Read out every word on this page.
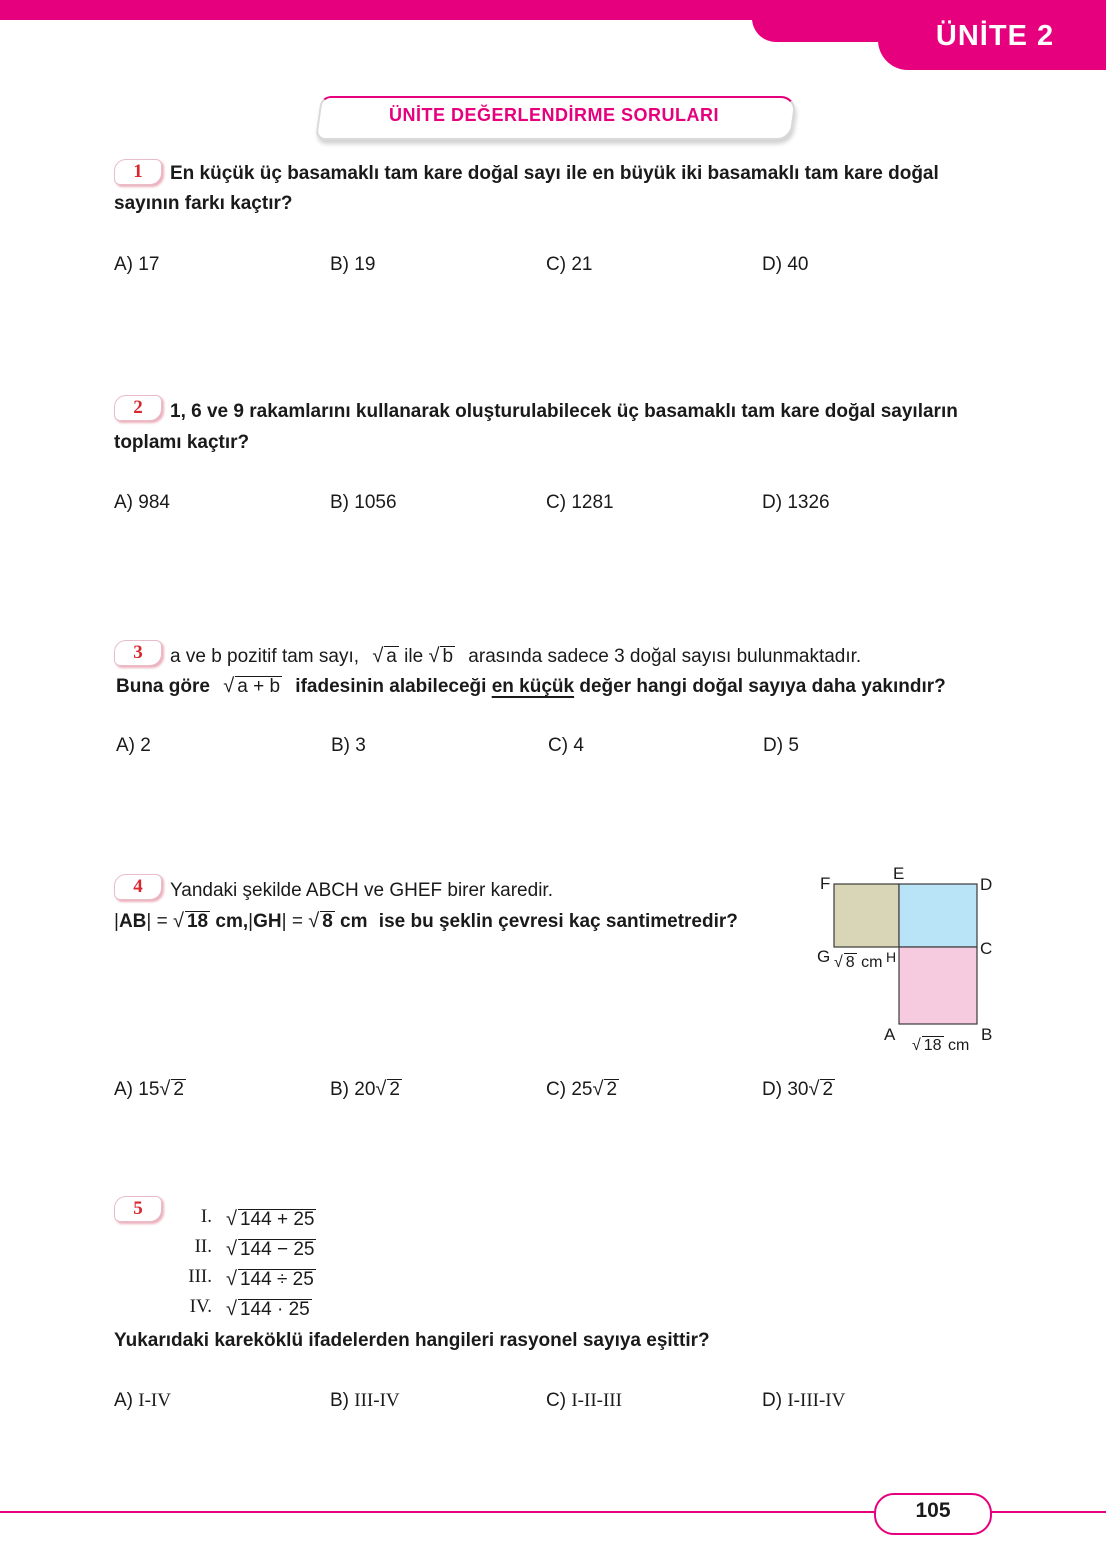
ÜNİTE 2
ÜNİTE DEĞERLENDİRME SORULARI
1	En küçük üç basamaklı tam kare doğal sayı ile en büyük iki basamaklı tam kare doğal
sayının farkı kaçtır?
A) 17	B) 19	C) 21	D) 40
2	1, 6 ve 9 rakamlarını kullanarak oluşturulabilecek üç basamaklı tam kare doğal sayıların
toplamı kaçtır?
A) 984	B) 1056	C) 1281	D) 1326
3	a ve b pozitif tam sayı, √ a ile √ b arasında sadece 3 doğal sayısı bulunmaktadır.
Buna göre √ a + b ifadesinin alabileceği en küçük değer hangi doğal sayıya daha yakındır?
A) 2	B) 3	C) 4	D) 5
4	Yandaki şekilde ABCH ve GHEF birer karedir.
|AB| = √ 18 cm,|GH| = √ 8 cm ise bu şeklin çevresi kaç santimetredir?
F
E
D
G	H	C
A	B
√ 8 cm
√ 18 cm
A) 15√ 2	B) 20√ 2	C) 25√ 2	D) 30√ 2
5	I. √ 144 + 25
II. √ 144 − 25
III. √ 144 ÷ 25
IV. √ 144 · 25
Yukarıdaki kareköklü ifadelerden hangileri rasyonel sayıya eşittir?
A) I-IV	B) III-IV	C) I-II-III	D) I-III-IV
105
